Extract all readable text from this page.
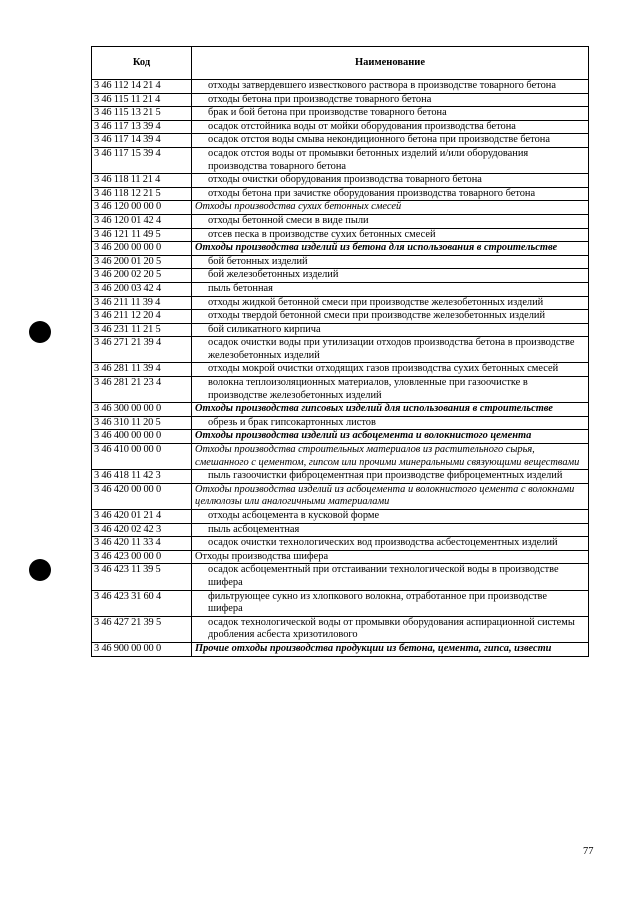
Код	Наименование
3 46 112 14 21 4	отходы затвердевшего известкового раствора в производстве товарного бетона
3 46 115 11 21 4	отходы бетона при производстве товарного бетона
3 46 115 13 21 5	брак и бой бетона при производстве товарного бетона
3 46 117 13 39 4	осадок отстойника воды от мойки оборудования производства бетона
3 46 117 14 39 4	осадок отстоя воды смыва некондиционного бетона при производстве бетона
3 46 117 15 39 4	осадок отстоя воды от промывки бетонных изделий и/или оборудования производства товарного бетона
3 46 118 11 21 4	отходы очистки оборудования производства товарного бетона
3 46 118 12 21 5	отходы бетона при зачистке оборудования производства товарного бетона
3 46 120 00 00 0	Отходы производства сухих бетонных смесей
3 46 120 01 42 4	отходы бетонной смеси в виде пыли
3 46 121 11 49 5	отсев песка в производстве сухих бетонных смесей
3 46 200 00 00 0	Отходы производства изделий из бетона для использования в строительстве
3 46 200 01 20 5	бой бетонных изделий
3 46 200 02 20 5	бой железобетонных изделий
3 46 200 03 42 4	пыль бетонная
3 46 211 11 39 4	отходы жидкой бетонной смеси при производстве железобетонных изделий
3 46 211 12 20 4	отходы твердой бетонной смеси при производстве железобетонных изделий
3 46 231 11 21 5	бой силикатного кирпича
3 46 271 21 39 4	осадок очистки воды при утилизации отходов производства бетона в производстве железобетонных изделий
3 46 281 11 39 4	отходы мокрой очистки отходящих газов производства сухих бетонных смесей
3 46 281 21 23 4	волокна теплоизоляционных материалов, уловленные при газоочистке в производстве железобетонных изделий
3 46 300 00 00 0	Отходы производства гипсовых изделий для использования в строительстве
3 46 310 11 20 5	обрезь и брак гипсокартонных листов
3 46 400 00 00 0	Отходы производства изделий из асбоцемента и волокнистого цемента
3 46 410 00 00 0	Отходы производства строительных материалов из растительного сырья, смешанного с цементом, гипсом или прочими минеральными связующими веществами
3 46 418 11 42 3	пыль газоочистки фиброцементная при производстве фиброцементных изделий
3 46 420 00 00 0	Отходы производства изделий из асбоцемента и волокнистого цемента с волокнами целлюлозы или аналогичными материалами
3 46 420 01 21 4	отходы асбоцемента в кусковой форме
3 46 420 02 42 3	пыль асбоцементная
3 46 420 11 33 4	осадок очистки технологических вод производства асбестоцементных изделий
3 46 423 00 00 0	Отходы производства шифера
3 46 423 11 39 5	осадок асбоцементный при отстаивании технологической воды в производстве шифера
3 46 423 31 60 4	фильтрующее сукно из хлопкового волокна, отработанное при производстве шифера
3 46 427 21 39 5	осадок технологической воды от промывки оборудования аспирационной системы дробления асбеста хризотилового
3 46 900 00 00 0	Прочие отходы производства продукции из бетона, цемента, гипса, извести
77
